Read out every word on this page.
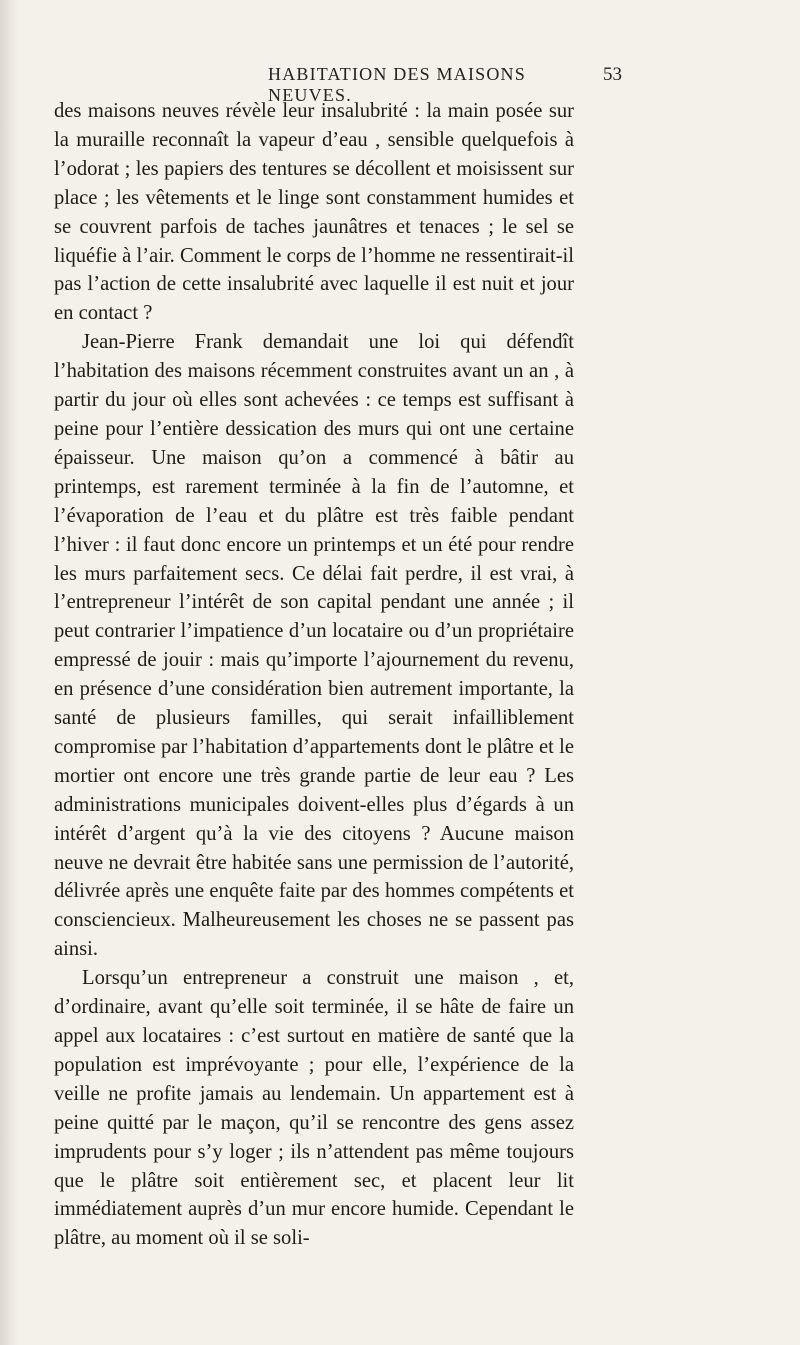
HABITATION DES MAISONS NEUVES.
53

des maisons neuves révèle leur insalubrité : la main posée sur la muraille reconnaît la vapeur d’eau , sensible quelquefois à l’odorat ; les papiers des tentures se décollent et moisissent sur place ; les vêtements et le linge sont constamment humides et se couvrent parfois de taches jaunâtres et tenaces ; le sel se liquéfie à l’air. Comment le corps de l’homme ne ressentirait-il pas l’action de cette insalubrité avec laquelle il est nuit et jour en contact ?

Jean-Pierre Frank demandait une loi qui défendît l’habitation des maisons récemment construites avant un an , à partir du jour où elles sont achevées : ce temps est suffisant à peine pour l’entière dessication des murs qui ont une certaine épaisseur. Une maison qu’on a commencé à bâtir au printemps, est rarement terminée à la fin de l’automne, et l’évaporation de l’eau et du plâtre est très faible pendant l’hiver : il faut donc encore un printemps et un été pour rendre les murs parfaitement secs. Ce délai fait perdre, il est vrai, à l’entrepreneur l’intérêt de son capital pendant une année ; il peut contrarier l’impatience d’un locataire ou d’un propriétaire empressé de jouir : mais qu’importe l’ajournement du revenu, en présence d’une considération bien autrement importante, la santé de plusieurs familles, qui serait infailliblement compromise par l’habitation d’appartements dont le plâtre et le mortier ont encore une très grande partie de leur eau ? Les administrations municipales doivent-elles plus d’égards à un intérêt d’argent qu’à la vie des citoyens ? Aucune maison neuve ne devrait être habitée sans une permission de l’autorité, délivrée après une enquête faite par des hommes compétents et consciencieux. Malheureusement les choses ne se passent pas ainsi.

Lorsqu’un entrepreneur a construit une maison , et, d’ordinaire, avant qu’elle soit terminée, il se hâte de faire un appel aux locataires : c’est surtout en matière de santé que la population est imprévoyante ; pour elle, l’expérience de la veille ne profite jamais au lendemain. Un appartement est à peine quitté par le maçon, qu’il se rencontre des gens assez imprudents pour s’y loger ; ils n’attendent pas même toujours que le plâtre soit entièrement sec, et placent leur lit immédiatement auprès d’un mur encore humide. Cependant le plâtre, au moment où il se soli-
